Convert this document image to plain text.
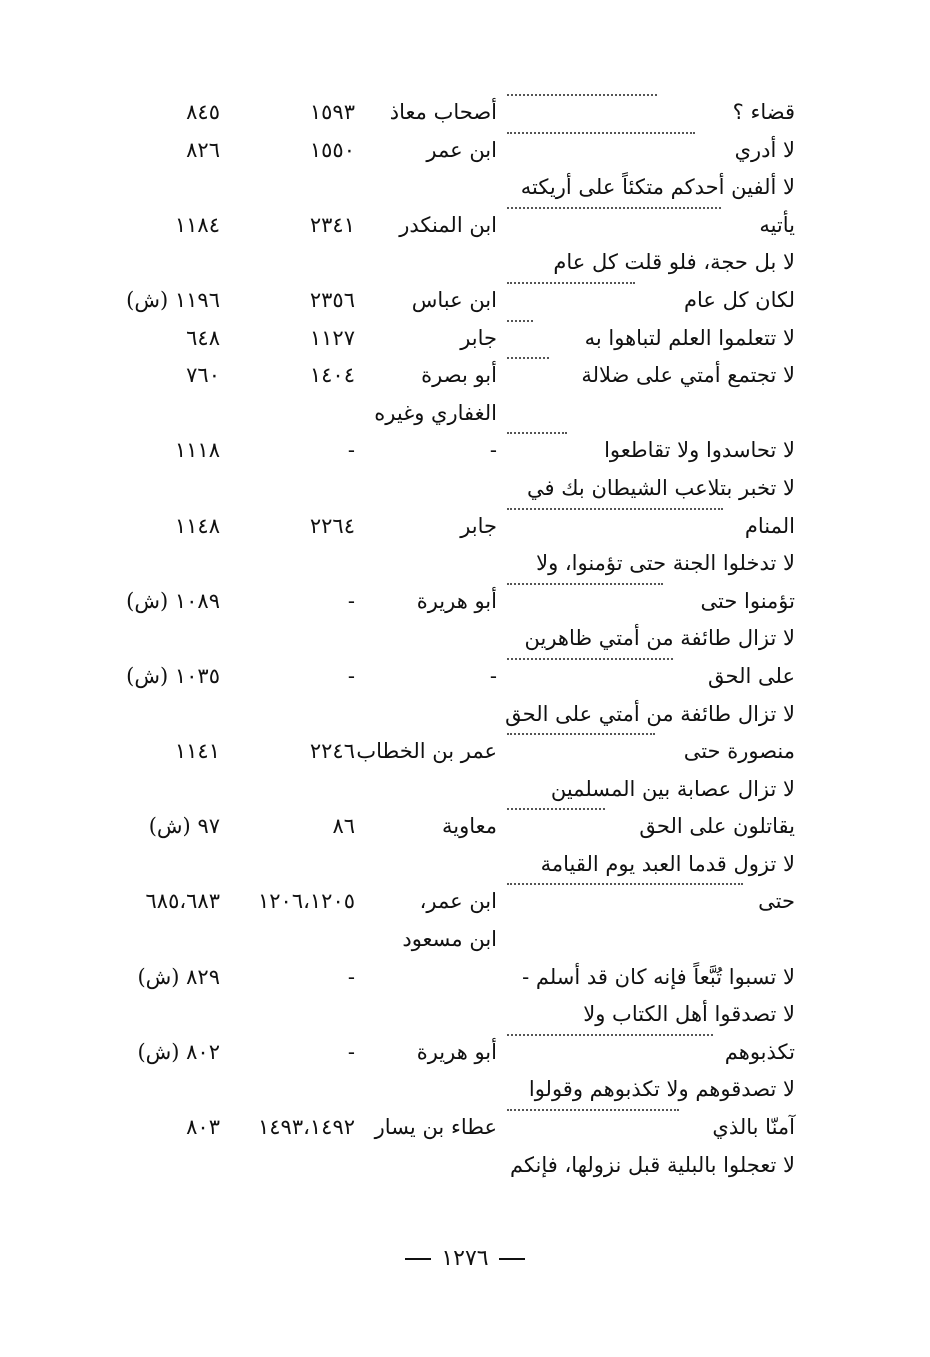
قضاء ؟
أصحاب معاذ
١٥٩٣
٨٤٥
لا أدري
ابن عمر
١٥٥٠
٨٢٦
لا ألفين أحدكم متكئاً على أريكته
يأتيه
ابن المنكدر
٢٣٤١
١١٨٤
لا بل حجة، فلو قلت كل عام
لكان كل عام
ابن عباس
٢٣٥٦
١١٩٦ (ش)
لا تتعلموا العلم لتباهوا به
جابر
١١٢٧
٦٤٨
لا تجتمع أمتي على ضلالة
أبو بصرة
١٤٠٤
٧٦٠
الغفاري وغيره
لا تحاسدوا ولا تقاطعوا
-
-
١١١٨
لا تخبر بتلاعب الشيطان بك في
المنام
جابر
٢٢٦٤
١١٤٨
لا تدخلوا الجنة حتى تؤمنوا، ولا
تؤمنوا حتى
أبو هريرة
-
١٠٨٩ (ش)
لا تزال طائفة من أمتي ظاهرين
على الحق
-
-
١٠٣٥ (ش)
لا تزال طائفة من أمتي على الحق
منصورة حتى
عمر بن الخطاب
٢٢٤٦
١١٤١
لا تزال عصابة بين المسلمين
يقاتلون على الحق
معاوية
٨٦
٩٧ (ش)
لا تزول قدما العبد يوم القيامة
حتى
ابن عمر،
١٢٠٦،١٢٠٥
٦٨٥،٦٨٣
ابن مسعود
لا تسبوا تُبَّعاً فإنه كان قد أسلم -
-
٨٢٩ (ش)
لا تصدقوا أهل الكتاب ولا
تكذبوهم
أبو هريرة
-
٨٠٢ (ش)
لا تصدقوهم ولا تكذبوهم وقولوا
آمنّا بالذي
عطاء بن يسار
١٤٩٣،١٤٩٢
٨٠٣
لا تعجلوا بالبلية قبل نزولها، فإنكم
١٢٧٦
